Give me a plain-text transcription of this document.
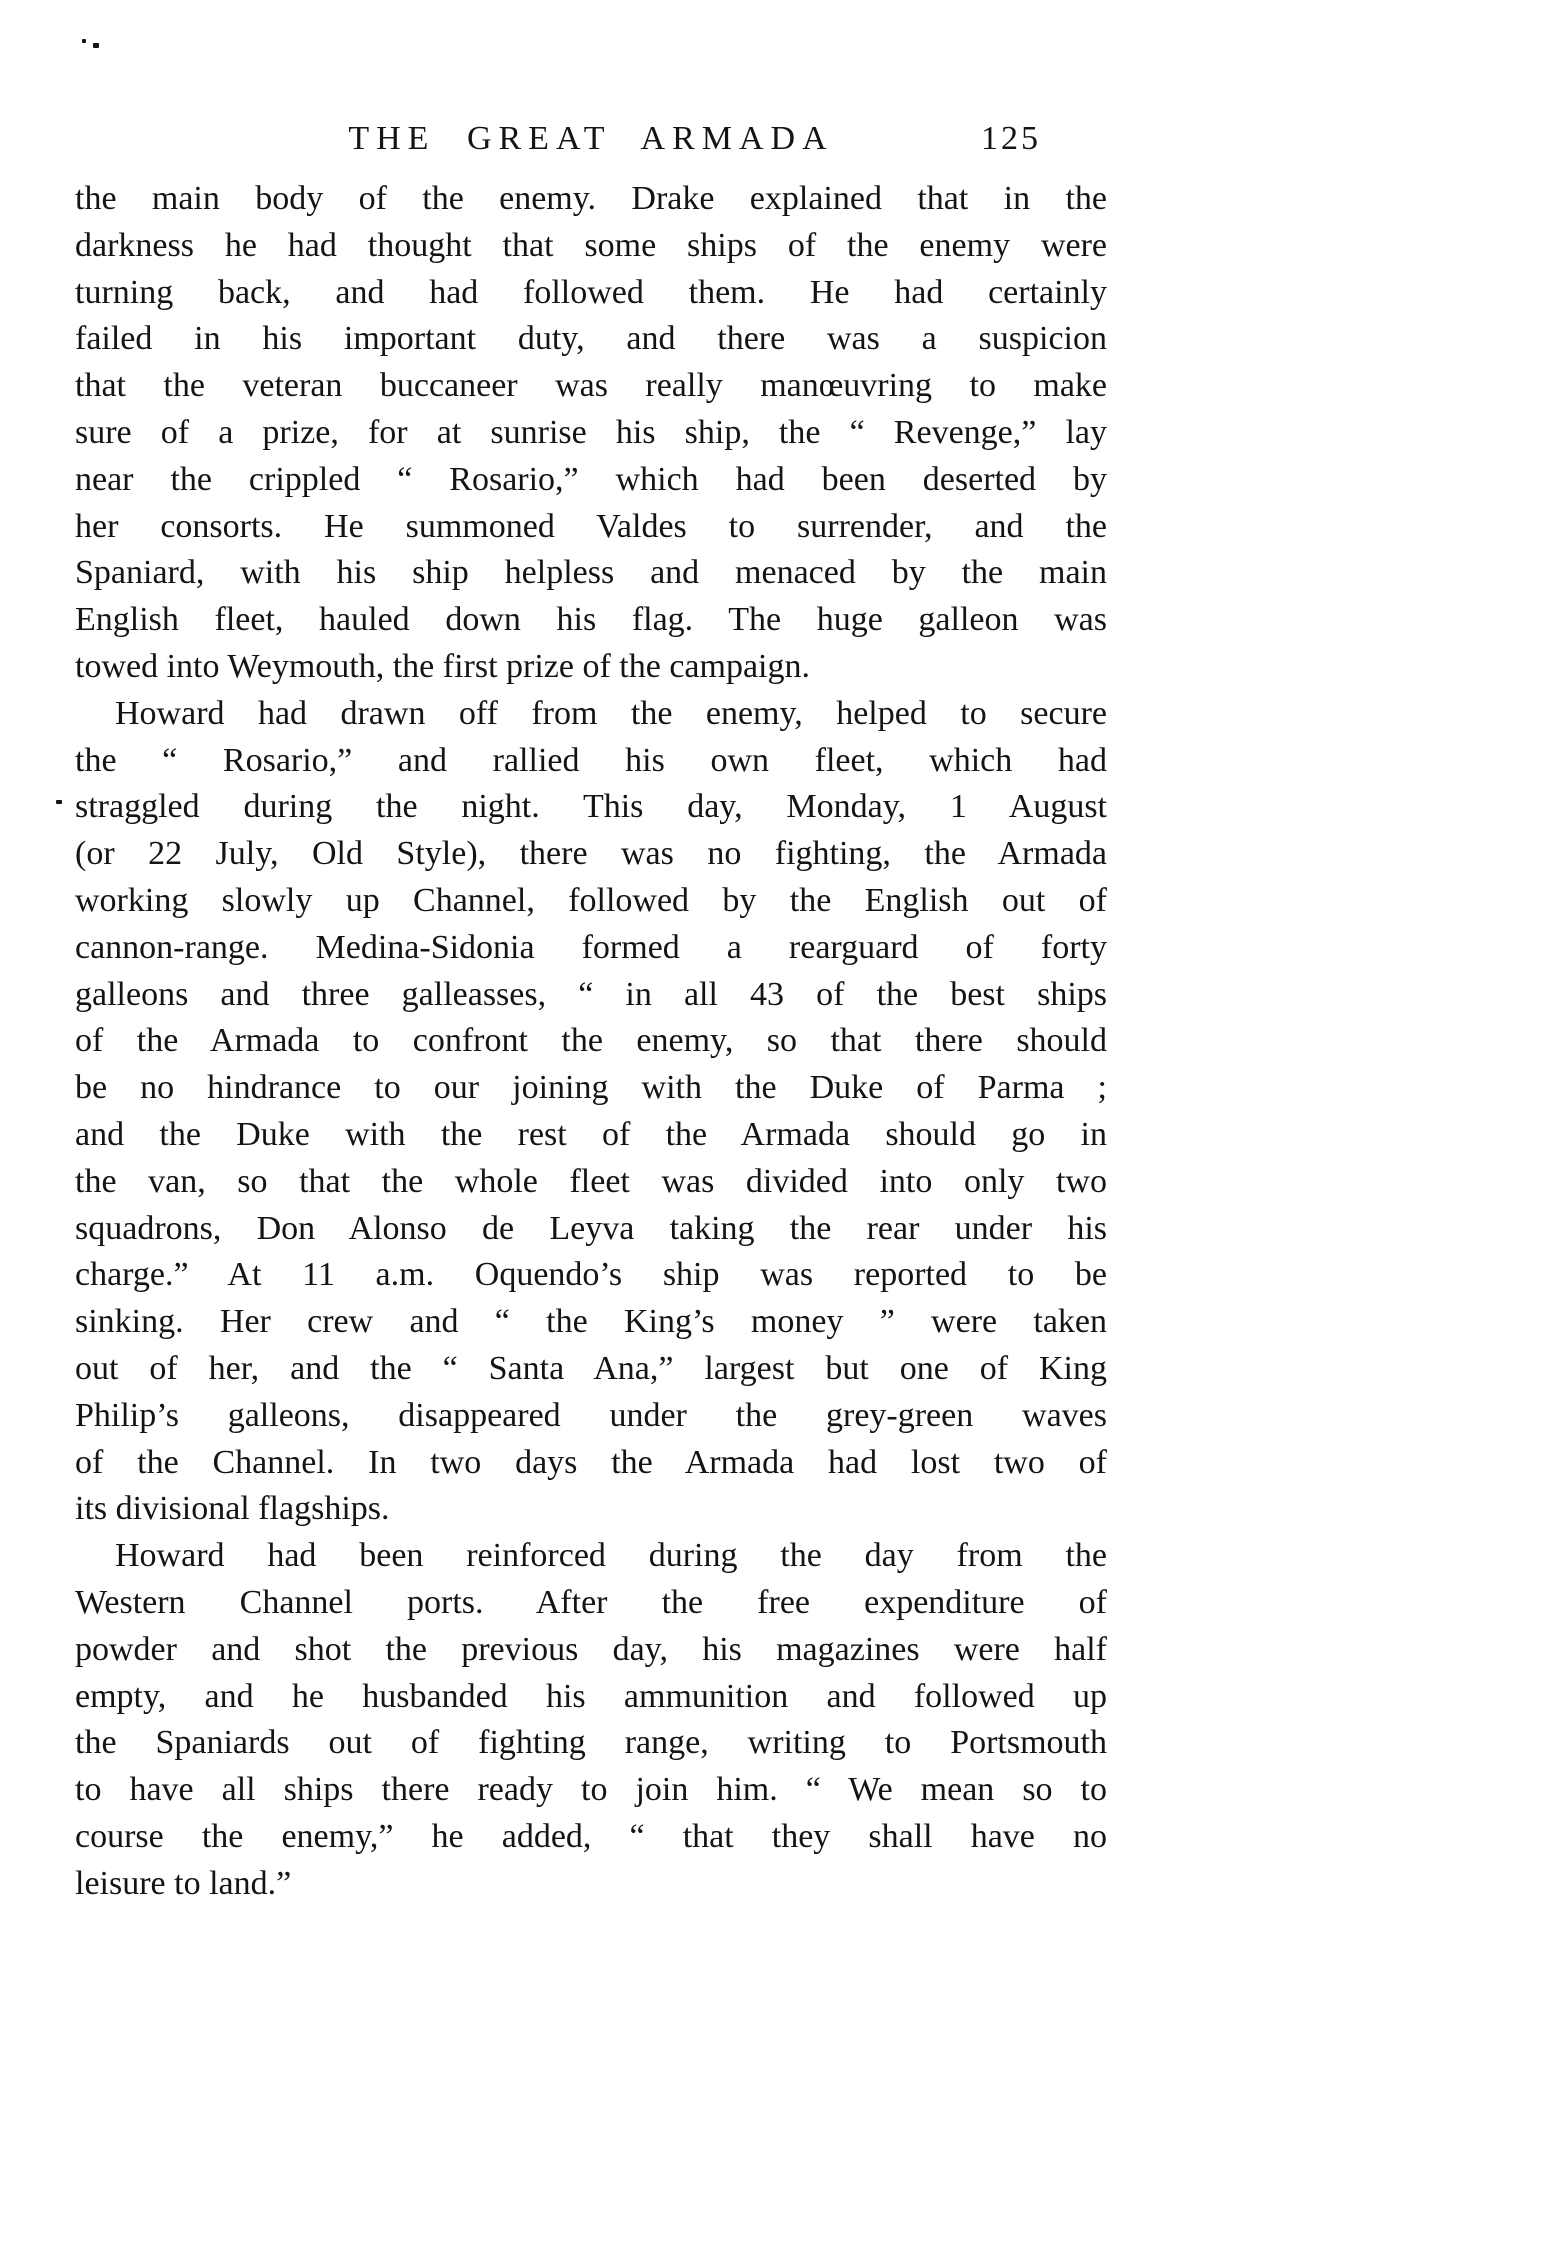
THE GREAT ARMADA	125

the main body of the enemy. Drake explained that in the
darkness he had thought that some ships of the enemy were
turning back, and had followed them. He had certainly
failed in his important duty, and there was a suspicion
that the veteran buccaneer was really manœuvring to make
sure of a prize, for at sunrise his ship, the “ Revenge,” lay
near the crippled “ Rosario,” which had been deserted by
her consorts. He summoned Valdes to surrender, and the
Spaniard, with his ship helpless and menaced by the main
English fleet, hauled down his flag. The huge galleon was
towed into Weymouth, the first prize of the campaign.

Howard had drawn off from the enemy, helped to secure
the “ Rosario,” and rallied his own fleet, which had
straggled during the night. This day, Monday, 1 August
(or 22 July, Old Style), there was no fighting, the Armada
working slowly up Channel, followed by the English out of
cannon-range. Medina-Sidonia formed a rearguard of forty
galleons and three galleasses, “ in all 43 of the best ships
of the Armada to confront the enemy, so that there should
be no hindrance to our joining with the Duke of Parma ;
and the Duke with the rest of the Armada should go in
the van, so that the whole fleet was divided into only two
squadrons, Don Alonso de Leyva taking the rear under his
charge.” At 11 a.m. Oquendo’s ship was reported to be
sinking. Her crew and “ the King’s money ” were taken
out of her, and the “ Santa Ana,” largest but one of King
Philip’s galleons, disappeared under the grey-green waves
of the Channel. In two days the Armada had lost two of
its divisional flagships.

Howard had been reinforced during the day from the
Western Channel ports. After the free expenditure of
powder and shot the previous day, his magazines were half
empty, and he husbanded his ammunition and followed up
the Spaniards out of fighting range, writing to Portsmouth
to have all ships there ready to join him. “ We mean so to
course the enemy,” he added, “ that they shall have no
leisure to land.”
